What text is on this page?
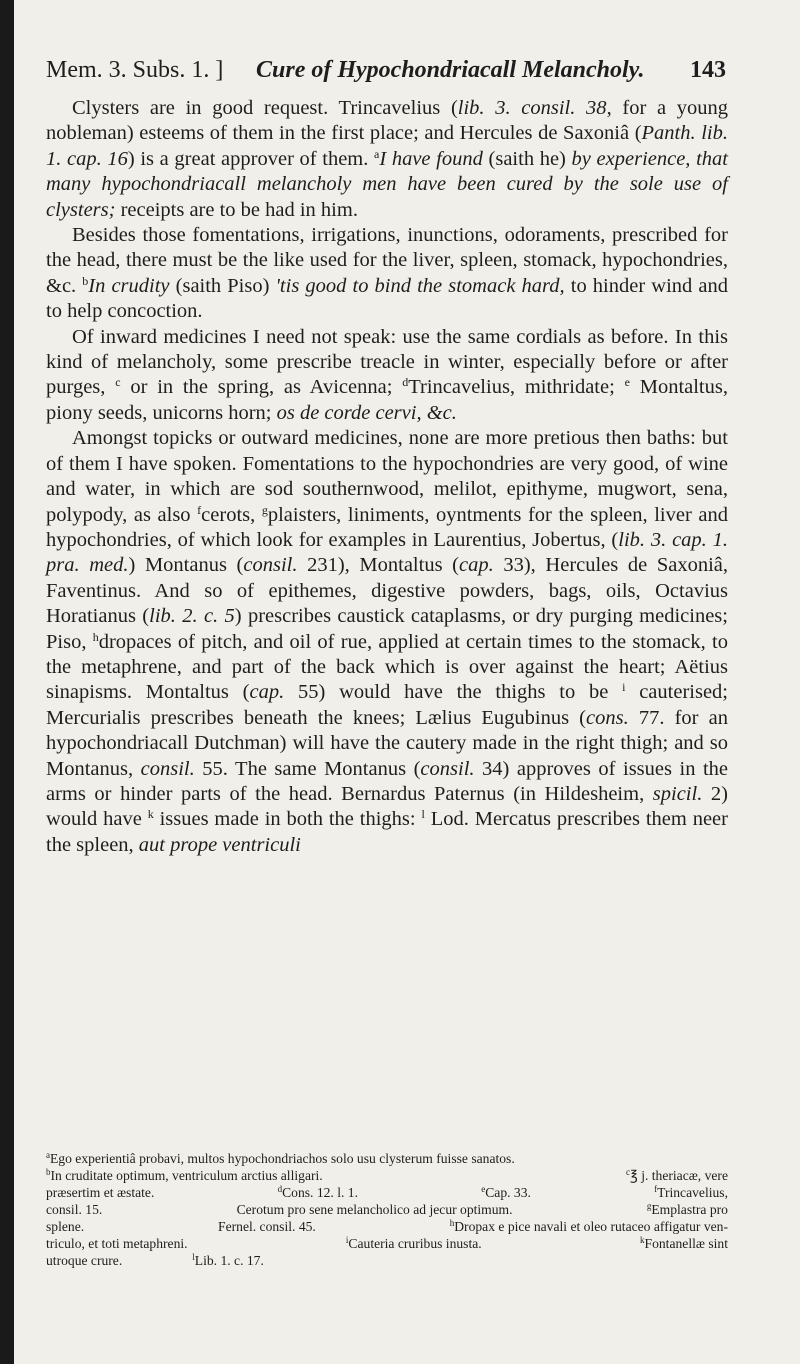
Mem. 3. Subs. 1. ] Cure of Hypochondriacall Melancholy. 143

Clysters are in good request. Trincavelius (lib. 3. consil. 38, for a young nobleman) esteems of them in the first place; and Hercules de Saxoniâ (Panth. lib. 1. cap. 16) is a great approver of them. $^a$I have found (saith he) by experience, that many hypochondriacall melancholy men have been cured by the sole use of clysters; receipts are to be had in him.

Besides those fomentations, irrigations, inunctions, odoraments, prescribed for the head, there must be the like used for the liver, spleen, stomack, hypochondries, &c. $^b$In crudity (saith Piso) 'tis good to bind the stomack hard, to hinder wind and to help concoction.

Of inward medicines I need not speak: use the same cordials as before. In this kind of melancholy, some prescribe treacle in winter, especially before or after purges, $^c$ or in the spring, as Avicenna; $^d$Trincavelius, mithridate; $^e$ Montaltus, piony seeds, unicorns horn; os de corde cervi, &c.

Amongst topicks or outward medicines, none are more pretious then baths: but of them I have spoken. Fomentations to the hypochondries are very good, of wine and water, in which are sod southernwood, melilot, epithyme, mugwort, sena, polypody, as also $^f$cerots, $^g$plaisters, liniments, oyntments for the spleen, liver and hypochondries, of which look for examples in Laurentius, Jobertus, (lib. 3. cap. 1. pra. med.) Montanus (consil. 231), Montaltus (cap. 33), Hercules de Saxoniâ, Faventinus. And so of epithemes, digestive powders, bags, oils, Octavius Horatianus (lib. 2. c. 5) prescribes caustick cataplasms, or dry purging medicines; Piso, $^h$dropaces of pitch, and oil of rue, applied at certain times to the stomack, to the metaphrene, and part of the back which is over against the heart; Aëtius sinapisms. Montaltus (cap. 55) would have the thighs to be $^i$ cauterised; Mercurialis prescribes beneath the knees; Lælius Eugubinus (cons. 77. for an hypochondriacall Dutchman) will have the cautery made in the right thigh; and so Montanus, consil. 55. The same Montanus (consil. 34) approves of issues in the arms or hinder parts of the head. Bernardus Paternus (in Hildesheim, spicil. 2) would have $^k$ issues made in both the thighs: $^l$ Lod. Mercatus prescribes them neer the spleen, aut prope ventriculi

$^a$Ego experientiâ probavi, multos hypochondriachos solo usu clysterum fuisse sanatos.
$^b$In cruditate optimum, ventriculum arctius alligari.	$^c$℥ j. theriacæ, vere
præsertim et æstate.	$^d$Cons. 12. l. 1.	$^e$Cap. 33.	$^f$Trincavelius,
consil. 15.	Cerotum pro sene melancholico ad jecur optimum.	$^g$Emplastra pro
splene.	Fernel. consil. 45.	$^h$Dropax e pice navali et oleo rutaceo affigatur ven-
triculo, et toti metaphreni.	$^i$Cauteria cruribus inusta.	$^k$Fontanellæ sint
utroque crure.	$^l$Lib. 1. c. 17.
